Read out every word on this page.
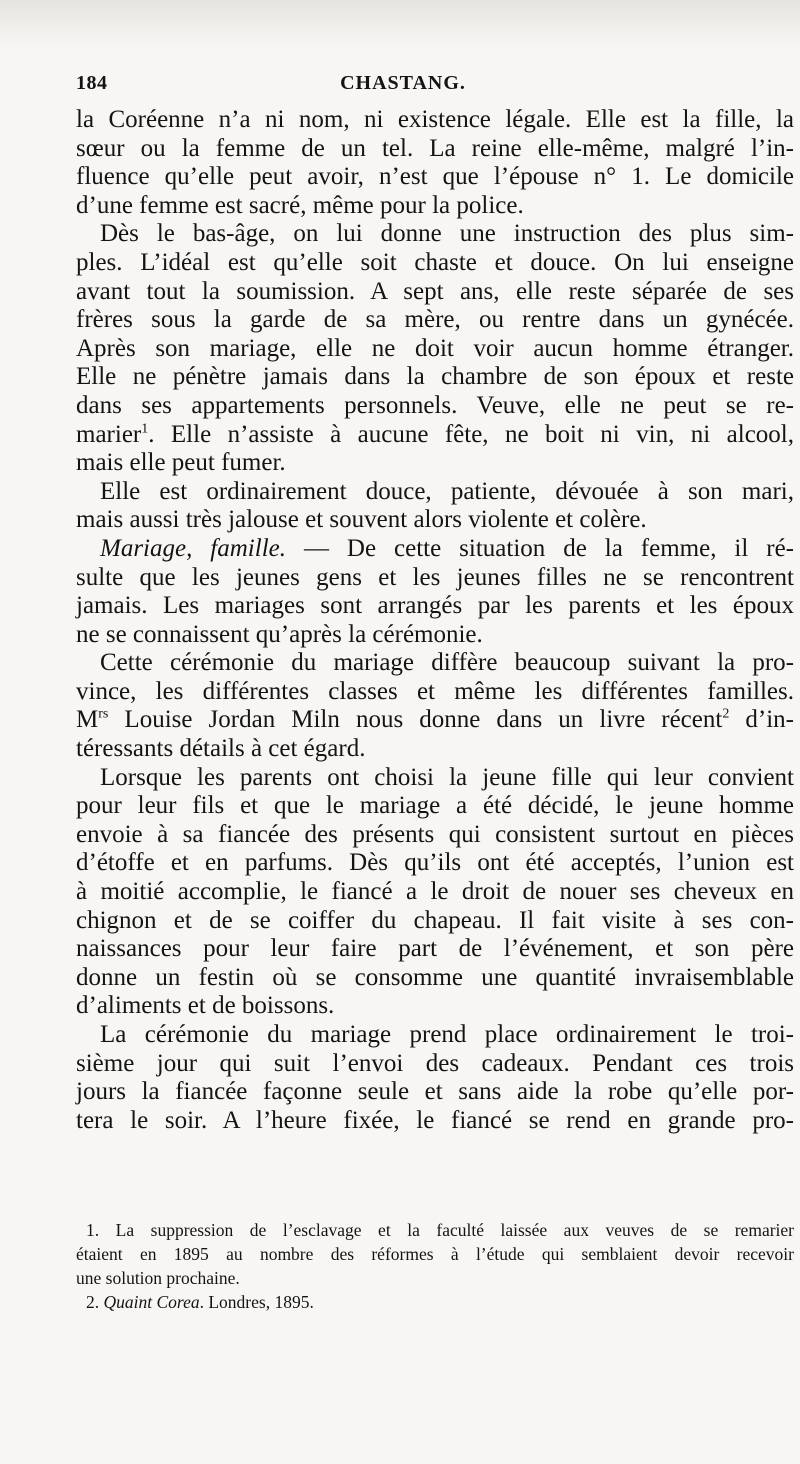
184	CHASTANG.
la Coréenne n’a ni nom, ni existence légale. Elle est la fille, la
sœur ou la femme de un tel. La reine elle-même, malgré l’in-
fluence qu’elle peut avoir, n’est que l’épouse n° 1. Le domicile
d’une femme est sacré, même pour la police.
Dès le bas-âge, on lui donne une instruction des plus sim-
ples. L’idéal est qu’elle soit chaste et douce. On lui enseigne
avant tout la soumission. A sept ans, elle reste séparée de ses
frères sous la garde de sa mère, ou rentre dans un gynécée.
Après son mariage, elle ne doit voir aucun homme étranger.
Elle ne pénètre jamais dans la chambre de son époux et reste
dans ses appartements personnels. Veuve, elle ne peut se re-
marier$^1$. Elle n’assiste à aucune fête, ne boit ni vin, ni alcool,
mais elle peut fumer.
Elle est ordinairement douce, patiente, dévouée à son mari,
mais aussi très jalouse et souvent alors violente et colère.
Mariage, famille. — De cette situation de la femme, il ré-
sulte que les jeunes gens et les jeunes filles ne se rencontrent
jamais. Les mariages sont arrangés par les parents et les époux
ne se connaissent qu’après la cérémonie.
Cette cérémonie du mariage diffère beaucoup suivant la pro-
vince, les différentes classes et même les différentes familles.
$M^{rs}$ Louise Jordan Miln nous donne dans un livre récent$^2$ d’in-
téressants détails à cet égard.
Lorsque les parents ont choisi la jeune fille qui leur convient
pour leur fils et que le mariage a été décidé, le jeune homme
envoie à sa fiancée des présents qui consistent surtout en pièces
d’étoffe et en parfums. Dès qu’ils ont été acceptés, l’union est
à moitié accomplie, le fiancé a le droit de nouer ses cheveux en
chignon et de se coiffer du chapeau. Il fait visite à ses con-
naissances pour leur faire part de l’événement, et son père
donne un festin où se consomme une quantité invraisemblable
d’aliments et de boissons.
La cérémonie du mariage prend place ordinairement le troi-
sième jour qui suit l’envoi des cadeaux. Pendant ces trois
jours la fiancée façonne seule et sans aide la robe qu’elle por-
tera le soir. A l’heure fixée, le fiancé se rend en grande pro-
1. La suppression de l’esclavage et la faculté laissée aux veuves de se remarier
étaient en 1895 au nombre des réformes à l’étude qui semblaient devoir recevoir
une solution prochaine.
2. Quaint Corea. Londres, 1895.
